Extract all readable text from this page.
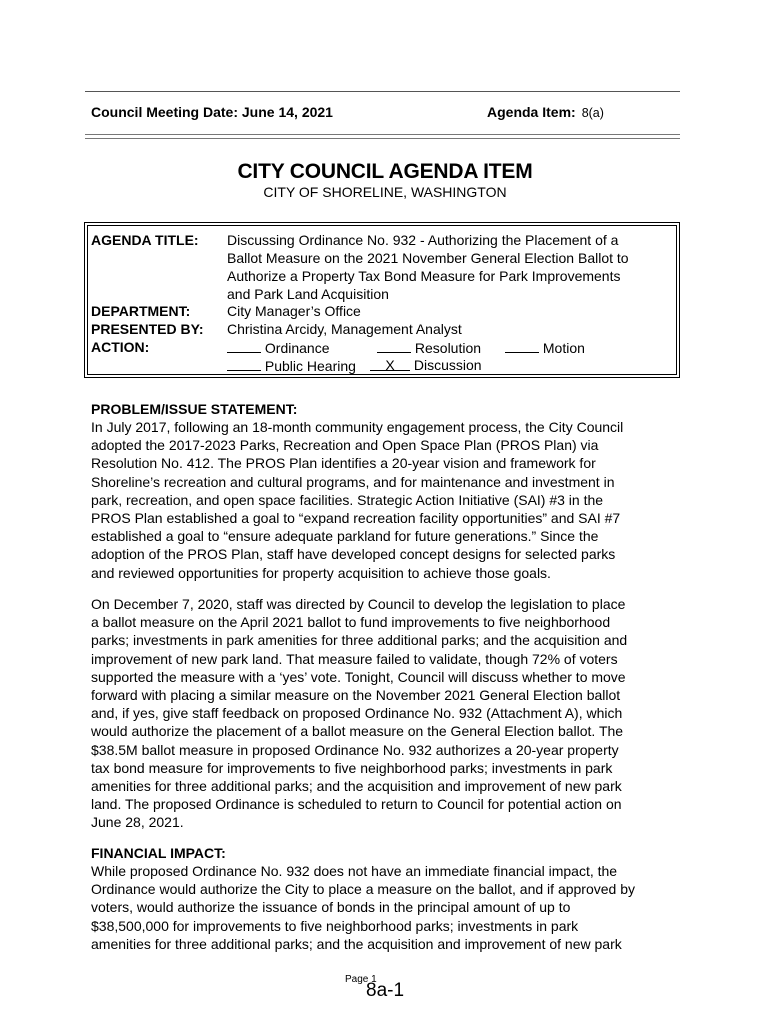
Council Meeting Date: June 14, 2021	Agenda Item: 8(a)
CITY COUNCIL AGENDA ITEM
CITY OF SHORELINE, WASHINGTON
AGENDA TITLE: Discussing Ordinance No. 932 - Authorizing the Placement of a
Ballot Measure on the 2021 November General Election Ballot to
Authorize a Property Tax Bond Measure for Park Improvements
and Park Land Acquisition
DEPARTMENT:	City Manager’s Office
PRESENTED BY: Christina Arcidy, Management Analyst
ACTION:	Ordinance	Resolution	Motion
Public Hearing	X Discussion
PROBLEM/ISSUE STATEMENT:
In July 2017, following an 18-month community engagement process, the City Council
adopted the 2017-2023 Parks, Recreation and Open Space Plan (PROS Plan) via
Resolution No. 412. The PROS Plan identifies a 20-year vision and framework for
Shoreline’s recreation and cultural programs, and for maintenance and investment in
park, recreation, and open space facilities. Strategic Action Initiative (SAI) #3 in the
PROS Plan established a goal to “expand recreation facility opportunities” and SAI #7
established a goal to “ensure adequate parkland for future generations.” Since the
adoption of the PROS Plan, staff have developed concept designs for selected parks
and reviewed opportunities for property acquisition to achieve those goals.
On December 7, 2020, staff was directed by Council to develop the legislation to place
a ballot measure on the April 2021 ballot to fund improvements to five neighborhood
parks; investments in park amenities for three additional parks; and the acquisition and
improvement of new park land. That measure failed to validate, though 72% of voters
supported the measure with a ‘yes’ vote. Tonight, Council will discuss whether to move
forward with placing a similar measure on the November 2021 General Election ballot
and, if yes, give staff feedback on proposed Ordinance No. 932 (Attachment A), which
would authorize the placement of a ballot measure on the General Election ballot. The
$38.5M ballot measure in proposed Ordinance No. 932 authorizes a 20-year property
tax bond measure for improvements to five neighborhood parks; investments in park
amenities for three additional parks; and the acquisition and improvement of new park
land. The proposed Ordinance is scheduled to return to Council for potential action on
June 28, 2021.
FINANCIAL IMPACT:
While proposed Ordinance No. 932 does not have an immediate financial impact, the
Ordinance would authorize the City to place a measure on the ballot, and if approved by
voters, would authorize the issuance of bonds in the principal amount of up to
$38,500,000 for improvements to five neighborhood parks; investments in park
amenities for three additional parks; and the acquisition and improvement of new park
Page 1
8a-1
